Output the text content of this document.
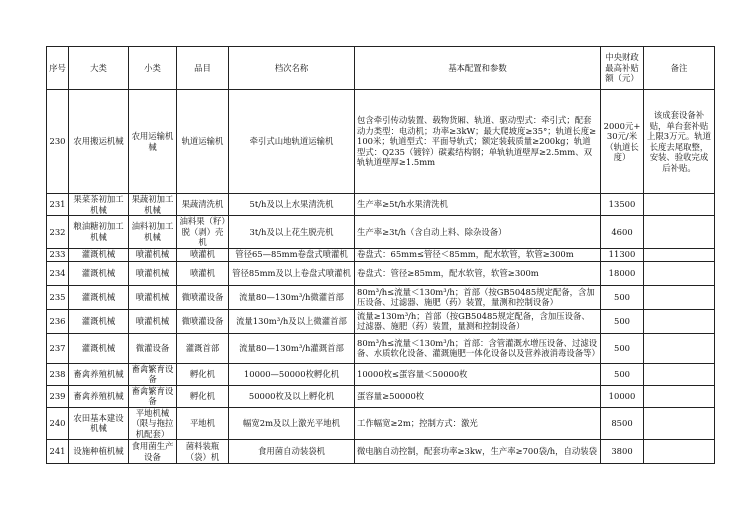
序号	大类	小类	品目	档次名称	基本配置和参数	中央财政最高补贴额（元）	备注
230	农用搬运机械	农用运输机械	轨道运输机	牵引式山地轨道运输机	包含牵引传动装置、载物货厢、轨道、驱动型式：牵引式；配套动力类型：电动机；功率≥3kW；最大爬坡度≥35°；轨道长度≥100米；轨道型式：平面导轨式；额定装载质量≥200kg；轨道型式：Q235（镀锌）碳素结构钢；单轨轨道壁厚≥2.5mm、双轨轨道壁厚≥1.5mm	2000元+30元/米（轨道长度）	该成套设备补贴，单台套补贴上限3万元。轨道长度去尾取整，安装、验收完成后补贴。
231	果菜茶初加工机械	果蔬初加工机械	果蔬清洗机	5t/h及以上水果清洗机	生产率≥5t/h水果清洗机	13500	
232	粮油糖初加工机械	油料初加工机械	油料果（籽）脱（剥）壳机	3t/h及以上花生脱壳机	生产率≥3t/h（含自动上料、除杂设备）	4600	
233	灌溉机械	喷灌机械	喷灌机	管径65—85mm卷盘式喷灌机	卷盘式：65mm≤管径＜85mm，配水软管，软管≥300m	11300	
234	灌溉机械	喷灌机械	喷灌机	管径85mm及以上卷盘式喷灌机	卷盘式：管径≥85mm，配水软管，软管≥300m	18000	
235	灌溉机械	喷灌机械	微喷灌设备	流量80—130m³/h微灌首部	80m³/h≤流量＜130m³/h；首部（按GB50485规定配备，含加压设备、过滤器、施肥（药）装置，量测和控制设备）	500	
236	灌溉机械	喷灌机械	微喷灌设备	流量130m³/h及以上微灌首部	流量≥130m³/h；首部（按GB50485规定配备，含加压设备、过滤器、施肥（药）装置，量测和控制设备）	500	
237	灌溉机械	微灌设备	灌溉首部	流量80—130m³/h灌溉首部	80m³/h≤流量＜130m³/h；首部：含管灌溉水增压设备、过滤设备、水质软化设备、灌溉施肥一体化设备以及营养液消毒设备等）	500	
238	畜禽养殖机械	畜禽繁育设备	孵化机	10000—50000枚孵化机	10000枚≤蛋容量＜50000枚	500	
239	畜禽养殖机械	畜禽繁育设备	孵化机	50000枚及以上孵化机	蛋容量≥50000枚	10000	
240	农田基本建设机械	平地机械（限与拖拉机配套）	平地机	幅宽2m及以上激光平地机	工作幅宽≥2m；控制方式：激光	8500	
241	设施种植机械	食用菌生产设备	菌料装瓶（袋）机	食用菌自动装袋机	微电脑自动控制，配套功率≥3kw，生产率≥700袋/h，自动装袋	3800	
